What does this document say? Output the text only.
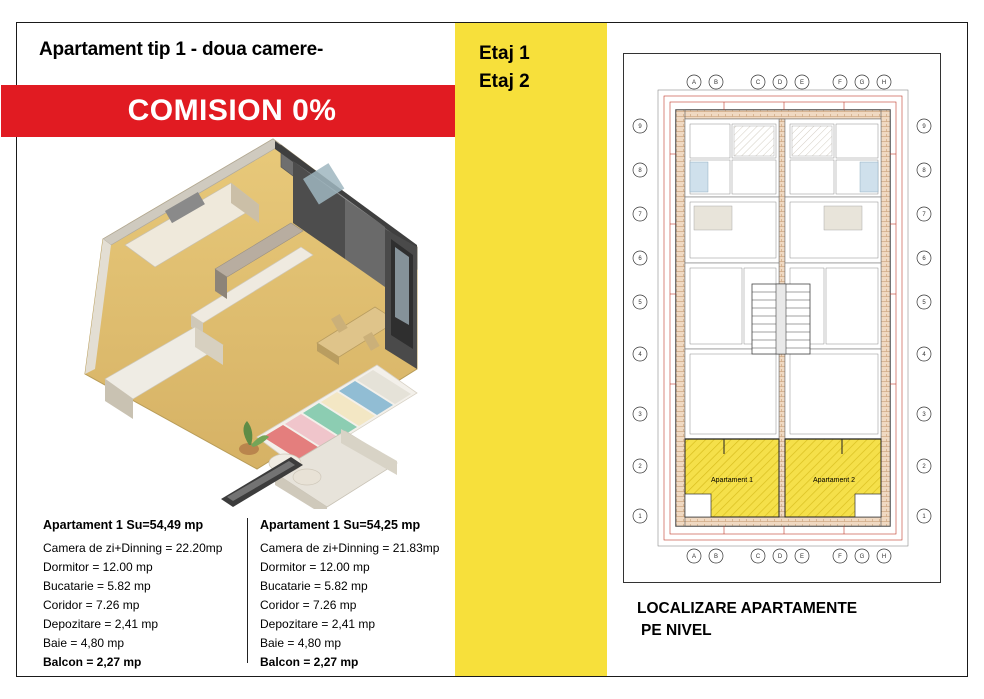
Apartament tip 1 - doua camere-
COMISION 0%
Apartament 1 Su=54,49 mp
Camera de zi+Dinning = 22.20mp
Dormitor = 12.00 mp
Bucatarie = 5.82 mp
Coridor = 7.26 mp
Depozitare = 2,41 mp
Baie = 4,80 mp
Balcon = 2,27 mp
Apartament 1 Su=54,25 mp
Camera de zi+Dinning = 21.83mp
Dormitor = 12.00 mp
Bucatarie = 5.82 mp
Coridor = 7.26 mp
Depozitare = 2,41 mp
Baie = 4,80 mp
Balcon = 2,27 mp
Etaj 1
Etaj 2	A	B	C	D	E	F	G	H
A	B	C	D	E	F	G	H
9
8
7
6
5
4
3
2
1
9
8
7
6
5
4
3
2
1
Apartament 1	Apartament 2
LOCALIZARE APARTAMENTE
PE NIVEL
